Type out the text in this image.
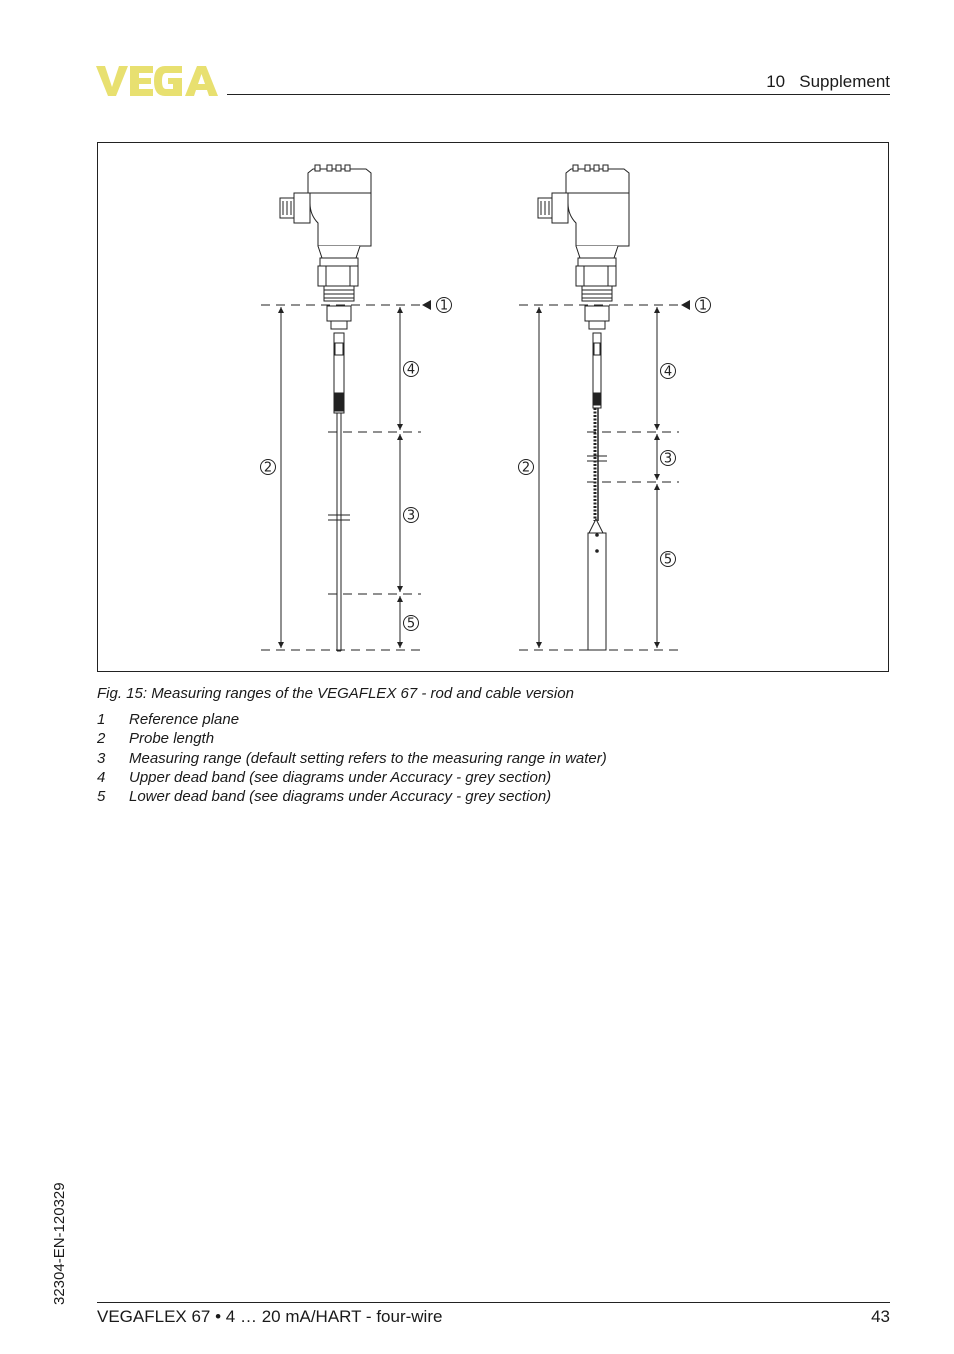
10   Supplement
1
2
4
3
5
1
2
4
3
5
Fig. 15: Measuring ranges of the VEGAFLEX 67 - rod and cable version
1 Reference plane
2 Probe length
3 Measuring range (default setting refers to the measuring range in water)
4 Upper dead band (see diagrams under Accuracy - grey section)
5 Lower dead band (see diagrams under Accuracy - grey section)
32304-EN-120329
VEGAFLEX 67 • 4 … 20 mA/HART - four-wire	43
